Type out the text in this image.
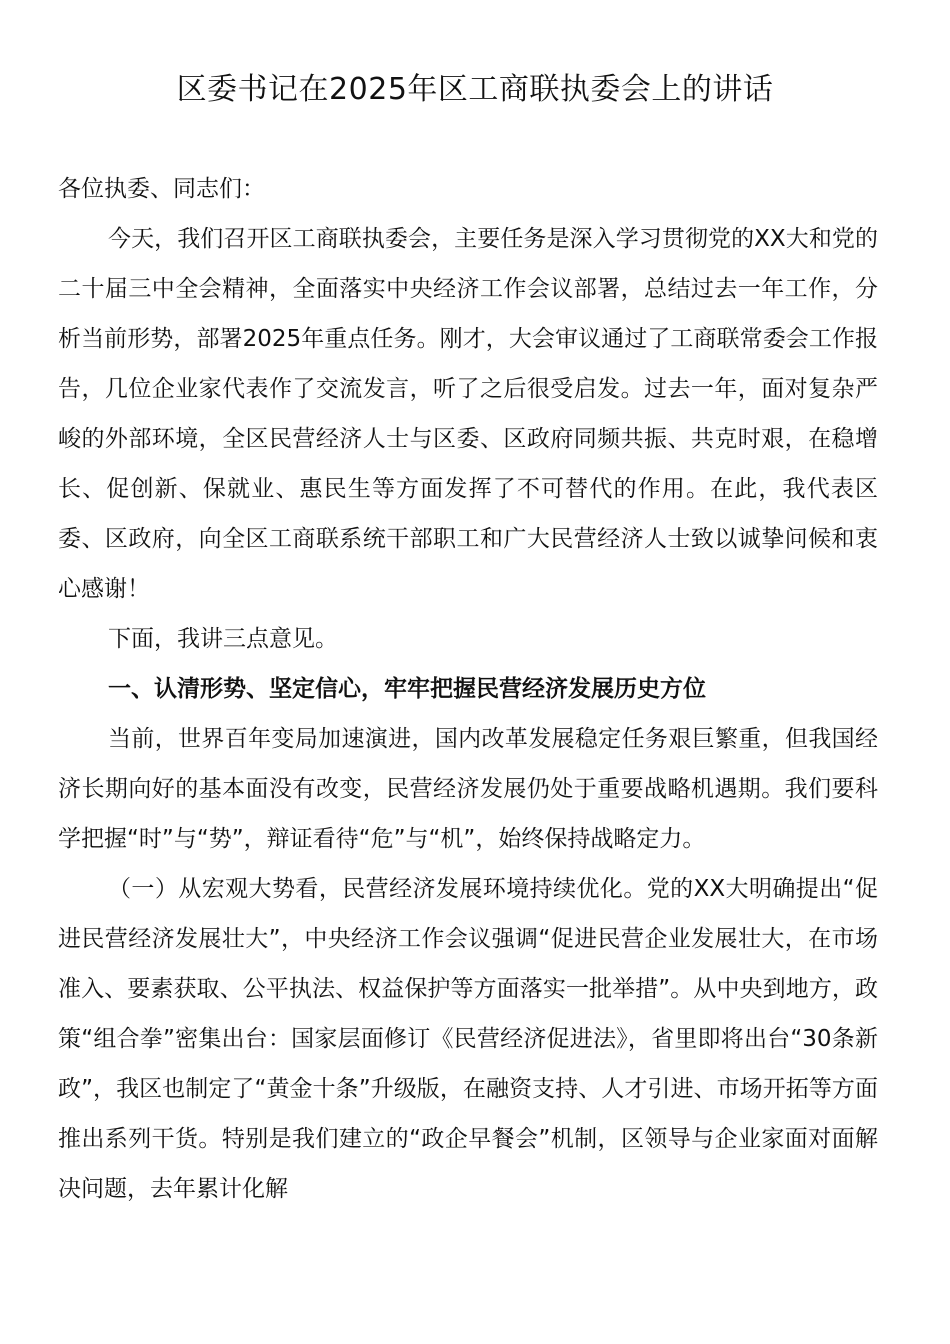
区委书记在2025年区工商联执委会上的讲话

各位执委、同志们：

今天，我们召开区工商联执委会，主要任务是深入学习贯彻党的XX大和党的二十届三中全会精神，全面落实中央经济工作会议部署，总结过去一年工作，分析当前形势，部署2025年重点任务。刚才，大会审议通过了工商联常委会工作报告，几位企业家代表作了交流发言，听了之后很受启发。过去一年，面对复杂严峻的外部环境，全区民营经济人士与区委、区政府同频共振、共克时艰，在稳增长、促创新、保就业、惠民生等方面发挥了不可替代的作用。在此，我代表区委、区政府，向全区工商联系统干部职工和广大民营经济人士致以诚挚问候和衷心感谢！

下面，我讲三点意见。

一、认清形势、坚定信心，牢牢把握民营经济发展历史方位

当前，世界百年变局加速演进，国内改革发展稳定任务艰巨繁重，但我国经济长期向好的基本面没有改变，民营经济发展仍处于重要战略机遇期。我们要科学把握“时”与“势”，辩证看待“危”与“机”，始终保持战略定力。

（一）从宏观大势看，民营经济发展环境持续优化。党的XX大明确提出“促进民营经济发展壮大”，中央经济工作会议强调“促进民营企业发展壮大，在市场准入、要素获取、公平执法、权益保护等方面落实一批举措”。从中央到地方，政策“组合拳”密集出台：国家层面修订《民营经济促进法》，省里即将出台“30条新政”，我区也制定了“黄金十条”升级版，在融资支持、人才引进、市场开拓等方面推出系列干货。特别是我们建立的“政企早餐会”机制，区领导与企业家面对面解决问题，去年累计化解
